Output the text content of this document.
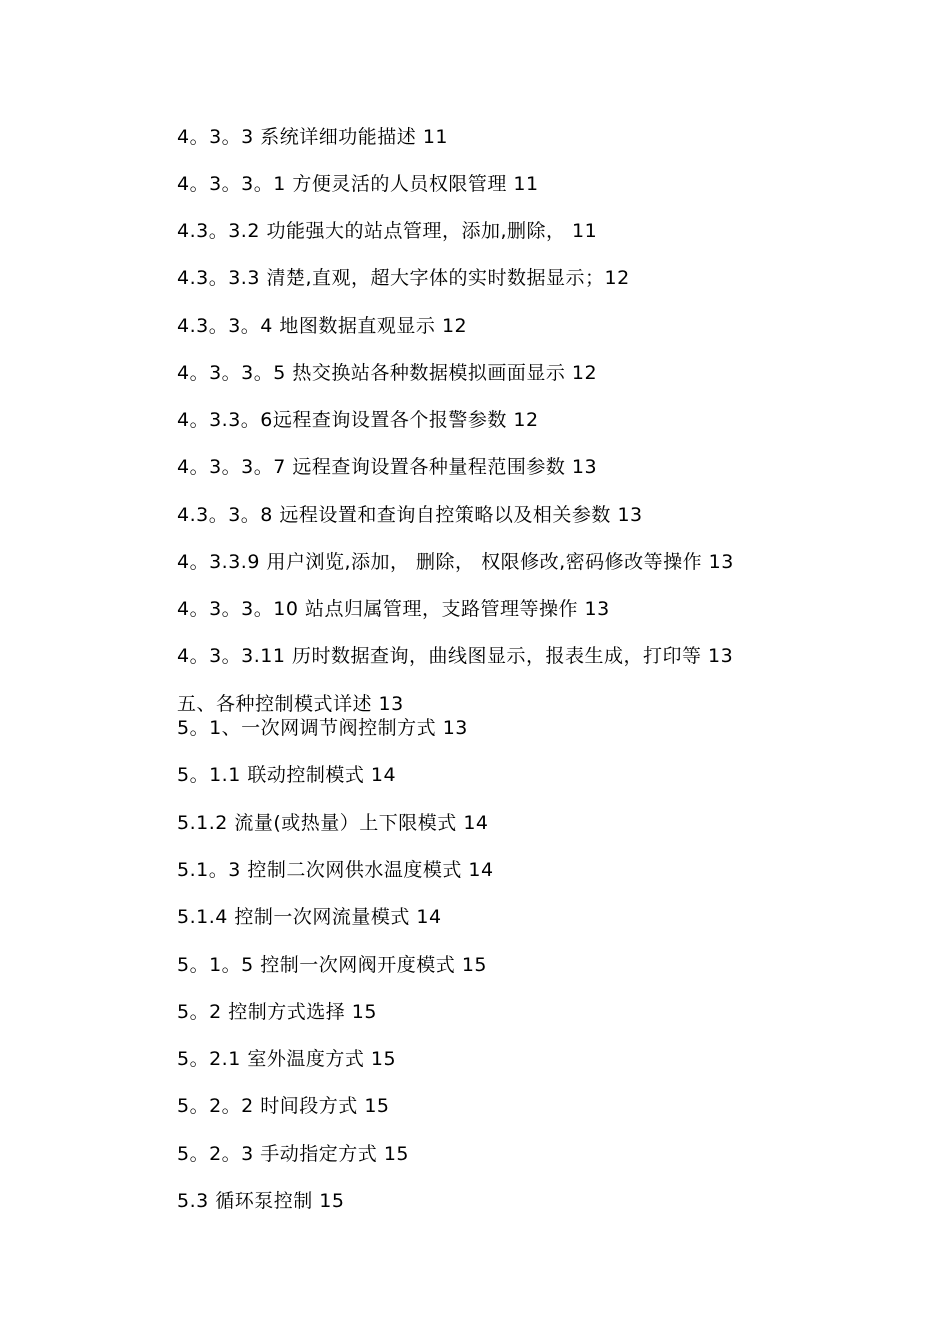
4。3。3 系统详细功能描述 11
4。3。3。1 方便灵活的人员权限管理 11
4.3。3.2 功能强大的站点管理，添加,删除， 11
4.3。3.3 清楚,直观，超大字体的实时数据显示；12
4.3。3。4 地图数据直观显示 12
4。3。3。5 热交换站各种数据模拟画面显示 12
4。3.3。6远程查询设置各个报警参数 12
4。3。3。7 远程查询设置各种量程范围参数 13
4.3。3。8 远程设置和查询自控策略以及相关参数 13
4。3.3.9 用户浏览,添加， 删除， 权限修改,密码修改等操作 13
4。3。3。10 站点归属管理，支路管理等操作 13
4。3。3.11 历时数据查询，曲线图显示，报表生成，打印等 13
五、各种控制模式详述 13
5。1、一次网调节阀控制方式 13
5。1.1 联动控制模式 14
5.1.2 流量(或热量）上下限模式 14
5.1。3 控制二次网供水温度模式 14
5.1.4 控制一次网流量模式 14
5。1。5 控制一次网阀开度模式 15
5。2 控制方式选择 15
5。2.1 室外温度方式 15
5。2。2 时间段方式 15
5。2。3 手动指定方式 15
5.3 循环泵控制 15
